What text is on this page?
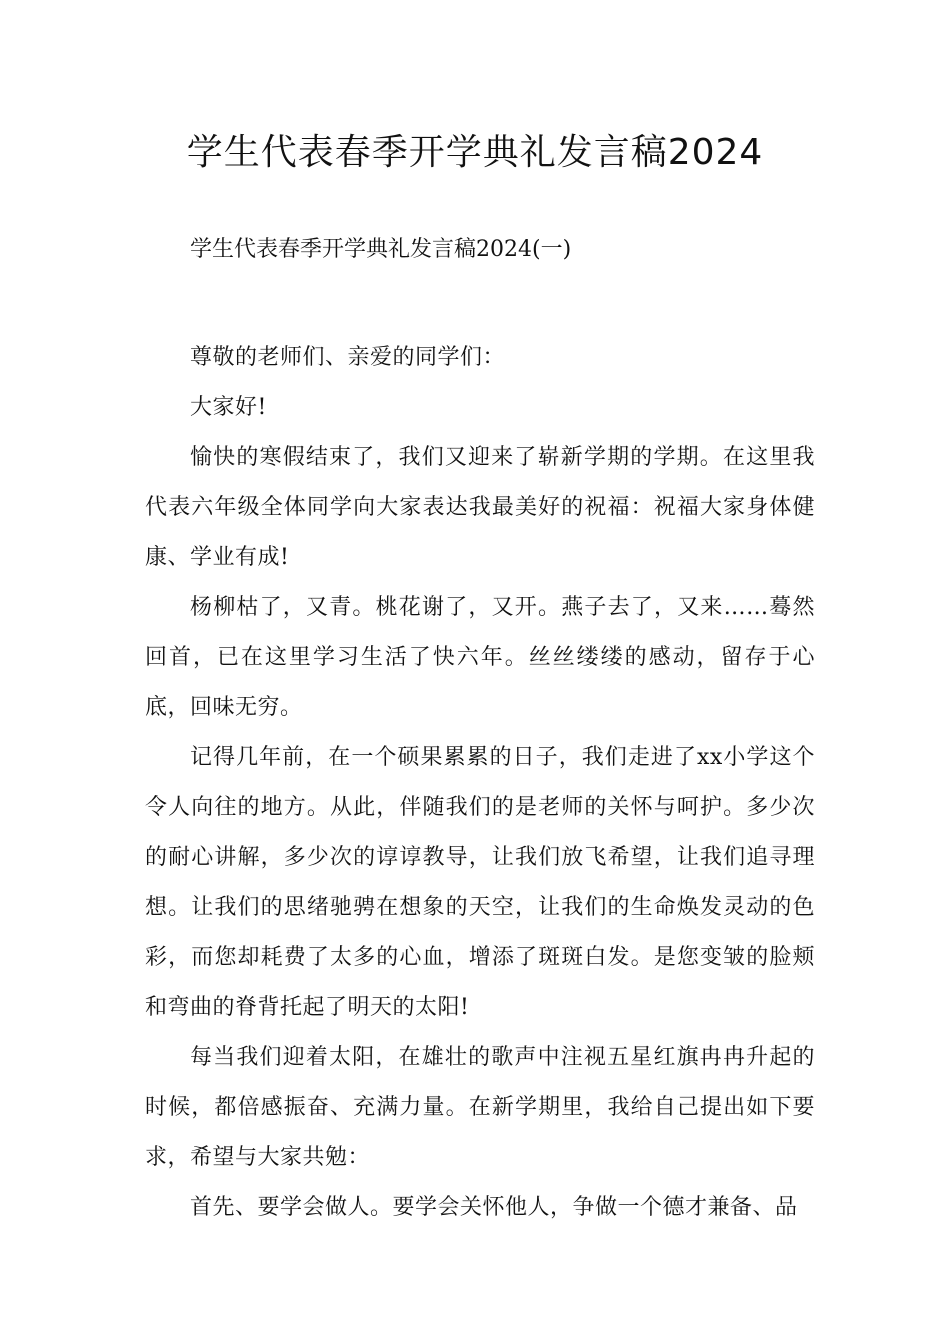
学生代表春季开学典礼发言稿2024

学生代表春季开学典礼发言稿2024(一)

尊敬的老师们、亲爱的同学们：

大家好!

愉快的寒假结束了，我们又迎来了崭新学期的学期。在这里我代表六年级全体同学向大家表达我最美好的祝福：祝福大家身体健康、学业有成!

杨柳枯了，又青。桃花谢了，又开。燕子去了，又来……蓦然回首，已在这里学习生活了快六年。丝丝缕缕的感动，留存于心底，回味无穷。

记得几年前，在一个硕果累累的日子，我们走进了xx小学这个令人向往的地方。从此，伴随我们的是老师的关怀与呵护。多少次的耐心讲解，多少次的谆谆教导，让我们放飞希望，让我们追寻理想。让我们的思绪驰骋在想象的天空，让我们的生命焕发灵动的色彩，而您却耗费了太多的心血，增添了斑斑白发。是您变皱的脸颊和弯曲的脊背托起了明天的太阳!

每当我们迎着太阳，在雄壮的歌声中注视五星红旗冉冉升起的时候，都倍感振奋、充满力量。在新学期里，我给自己提出如下要求，希望与大家共勉：

首先、要学会做人。要学会关怀他人，争做一个德才兼备、品
